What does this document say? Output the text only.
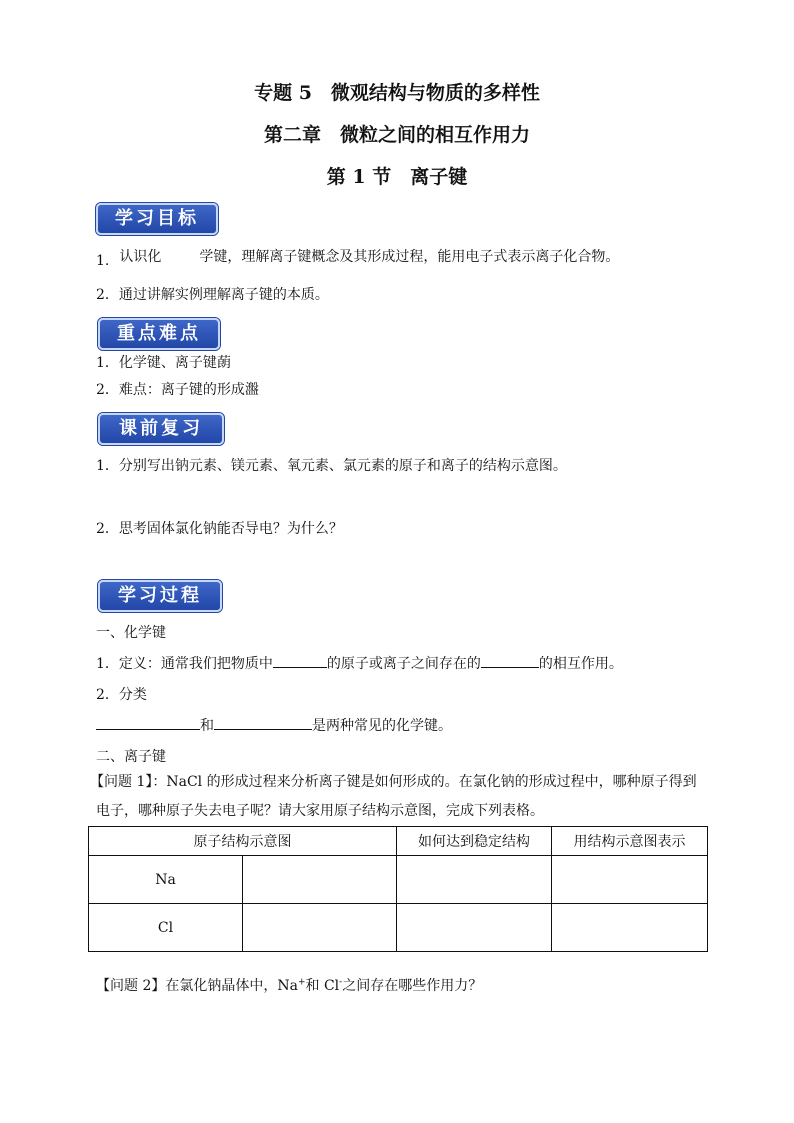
专题 5　微观结构与物质的多样性
第二章　微粒之间的相互作用力
第 1 节　离子键
学习目标
1. 认识化	学键，理解离子键概念及其形成过程，能用电子式表示离子化合物。
2．通过讲解实例理解离子键的本质。
重点难点
1．化学键、离子键蓢
2．难点：离子键的形成瀊
课前复习
1．分别写出钠元素、镁元素、氧元素、氯元素的原子和离子的结构示意图。
2．思考固体氯化钠能否导电？为什么？
学习过程
一、化学键
1．定义：通常我们把物质中	的原子或离子之间存在的	的相互作用。
2．分类
和	是两种常见的化学键。
二、离子键
【问题 1】：NaCl 的形成过程来分析离子键是如何形成的。在氯化钠的形成过程中，哪种原子得到
电子，哪种原子失去电子呢？请大家用原子结构示意图，完成下列表格。
原子结构示意图		如何达到稳定结构	用结构示意图表示
Na			
Cl			
【问题 2】在氯化钠晶体中，Na+和 Cl-之间存在哪些作用力？
